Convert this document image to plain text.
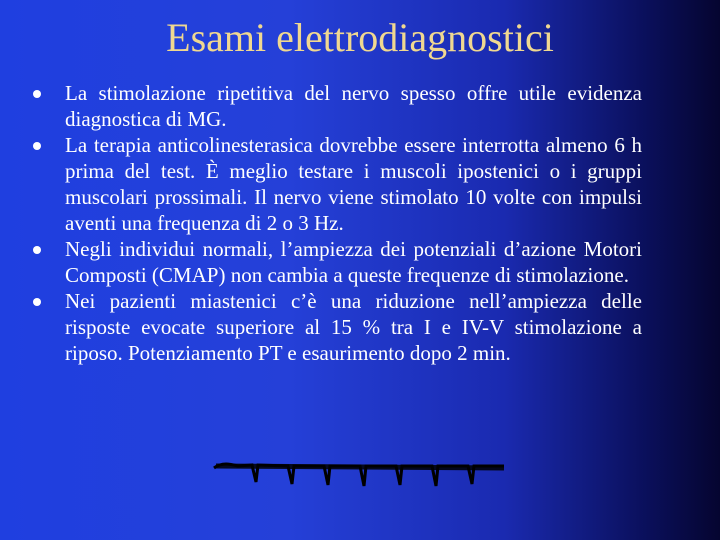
Esami elettrodiagnostici
La stimolazione ripetitiva del nervo spesso offre utile evidenza diagnostica di MG.
La terapia anticolinesterasica dovrebbe essere interrotta almeno 6 h prima del test. È meglio testare i muscoli ipostenici o i gruppi muscolari prossimali. Il nervo viene stimolato 10 volte con impulsi aventi una frequenza di 2 o 3 Hz.
Negli individui normali, l’ampiezza dei potenziali d’azione Motori Composti (CMAP) non cambia a queste frequenze di stimolazione.
Nei pazienti miastenici c’è una riduzione nell’ampiezza delle risposte evocate superiore al 15 % tra I e IV-V stimolazione a riposo. Potenziamento PT e esaurimento dopo 2 min.
